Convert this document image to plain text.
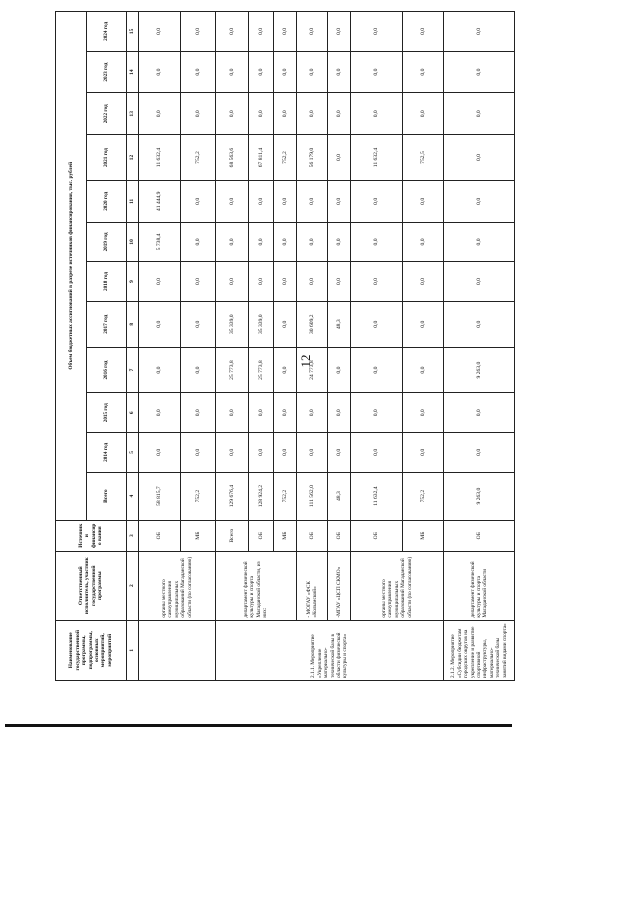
12
Наименование государственной программы, подпрограммы, основных мероприятий, мероприятий	Ответственный исполнитель, участник государственной программы	Источники финансиро вания	Объем бюджетных ассигнований в разрезе источников финансирования, тыс. рублей											
			Всего	2014 год	2015 год	2016 год	2017 год	2018 год	2019 год	2020 год	2021 год	2022 год	2023 год	2024 год
1	2	3	4	5	6	7	8	9	10	11	12	13	14	15
	органы местного самоуправления муниципальных образований Магаданской области (по согласованию)	ОБ	58 815,7	0,0	0,0	0,0	0,0	0,0	5 738,4	41 444,9	11 632,4	0,0	0,0	0,0
		МБ	752,2	0,0	0,0	0,0	0,0	0,0	0,0	0,0	752,2	0,0	0,0	0,0
2.1.1. Мероприятие «Укрепление материально-технической базы в области физической культуры и спорта»	департамент физической культуры и спорта Магаданской области, из них:	Всего	129 676,4	0,0	0,0	25 773,8	35 339,0	0,0	0,0	0,0	68 563,6	0,0	0,0	0,0
		ОБ	128 924,2	0,0	0,0	25 773,8	35 339,0	0,0	0,0	0,0	67 811,4	0,0	0,0	0,0
		МБ	752,2	0,0	0,0	0,0	0,0	0,0	0,0	0,0	752,2	0,0	0,0	0,0
	- МОГАУ «ФСК «Колымский»	ОБ	111 562,0	0,0	0,0	24 773,8	30 609,2	0,0	0,0	0,0	56 179,0	0,0	0,0	0,0
	-МГАУ «ЦСП СКМО»	ОБ	48,3	0,0	0,0	0,0	48,3	0,0	0,0	0,0	0,0	0,0	0,0	0,0
	органы местного самоуправления муниципальных образований Магаданской области (по согласованию)	ОБ	11 632,4	0,0	0,0	0,0	0,0	0,0	0,0	0,0	11 632,4	0,0	0,0	0,0
		МБ	752,2	0,0	0,0	0,0	0,0	0,0	0,0	0,0	752,5	0,0	0,0	0,0
2.1.2. Мероприятие «Субсидии бюджетам городских округов на укрепление и развитие спортивной инфраструктуры, материально-технической базы занятий видами спорта»	департамент физической культуры и спорта Магаданской области	ОБ	9 263,0	0,0	0,0	9 263,0	0,0	0,0	0,0	0,0	0,0	0,0	0,0	0,0
